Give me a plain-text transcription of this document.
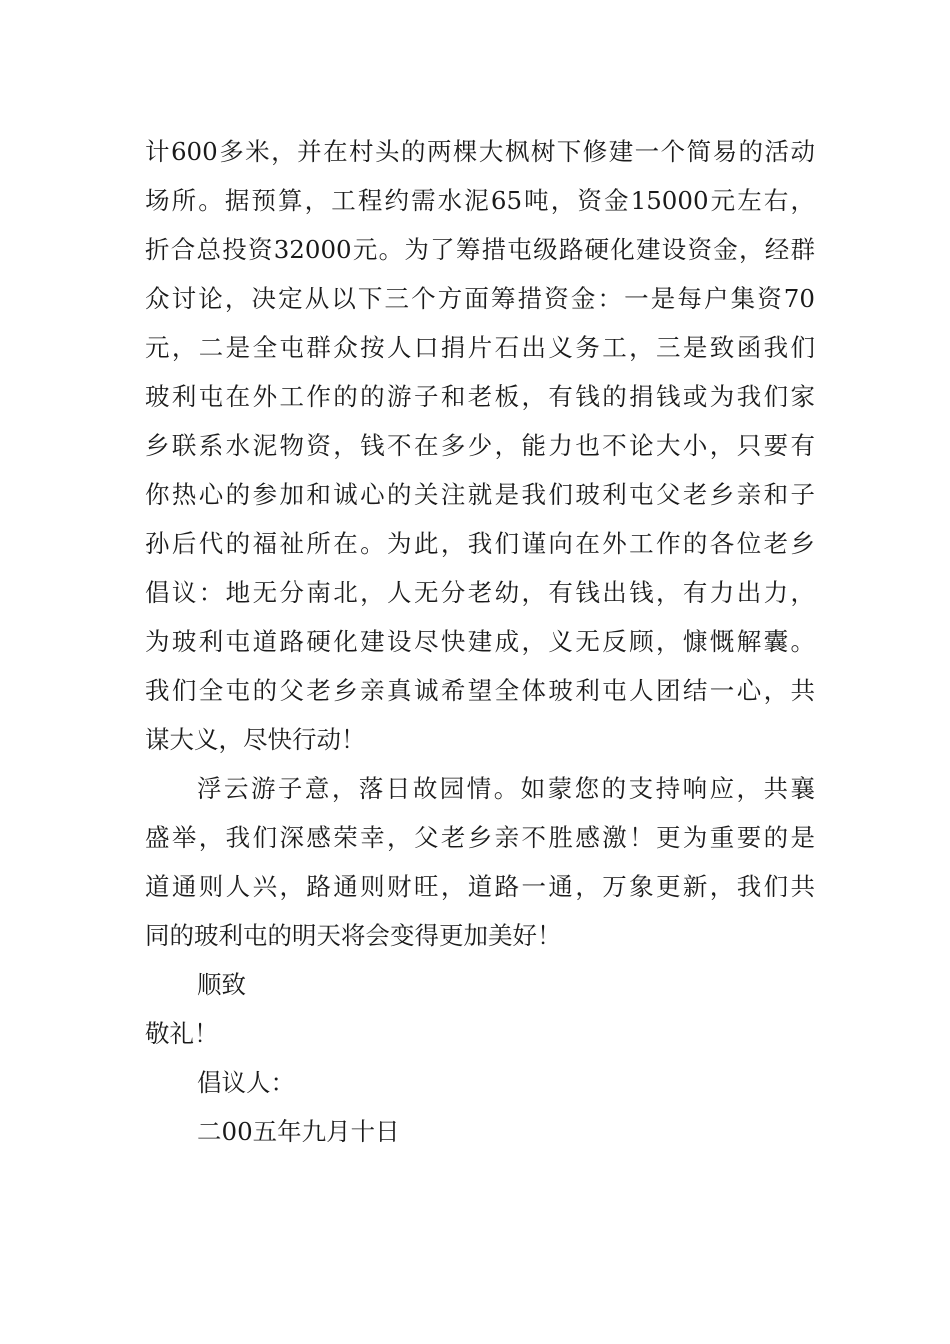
计600多米，并在村头的两棵大枫树下修建一个简易的活动
场所。据预算，工程约需水泥65吨，资金15000元左右，
折合总投资32000元。为了筹措屯级路硬化建设资金，经群
众讨论，决定从以下三个方面筹措资金：一是每户集资70
元，二是全屯群众按人口捐片石出义务工，三是致函我们
玻利屯在外工作的的游子和老板，有钱的捐钱或为我们家
乡联系水泥物资，钱不在多少，能力也不论大小，只要有
你热心的参加和诚心的关注就是我们玻利屯父老乡亲和子
孙后代的福祉所在。为此，我们谨向在外工作的各位老乡
倡议：地无分南北，人无分老幼，有钱出钱，有力出力，
为玻利屯道路硬化建设尽快建成，义无反顾，慷慨解囊。
我们全屯的父老乡亲真诚希望全体玻利屯人团结一心，共
谋大义，尽快行动！
浮云游子意，落日故园情。如蒙您的支持响应，共襄
盛举，我们深感荣幸，父老乡亲不胜感激！更为重要的是
道通则人兴，路通则财旺，道路一通，万象更新，我们共
同的玻利屯的明天将会变得更加美好！

顺致

敬礼！

倡议人：

二00五年九月十日
